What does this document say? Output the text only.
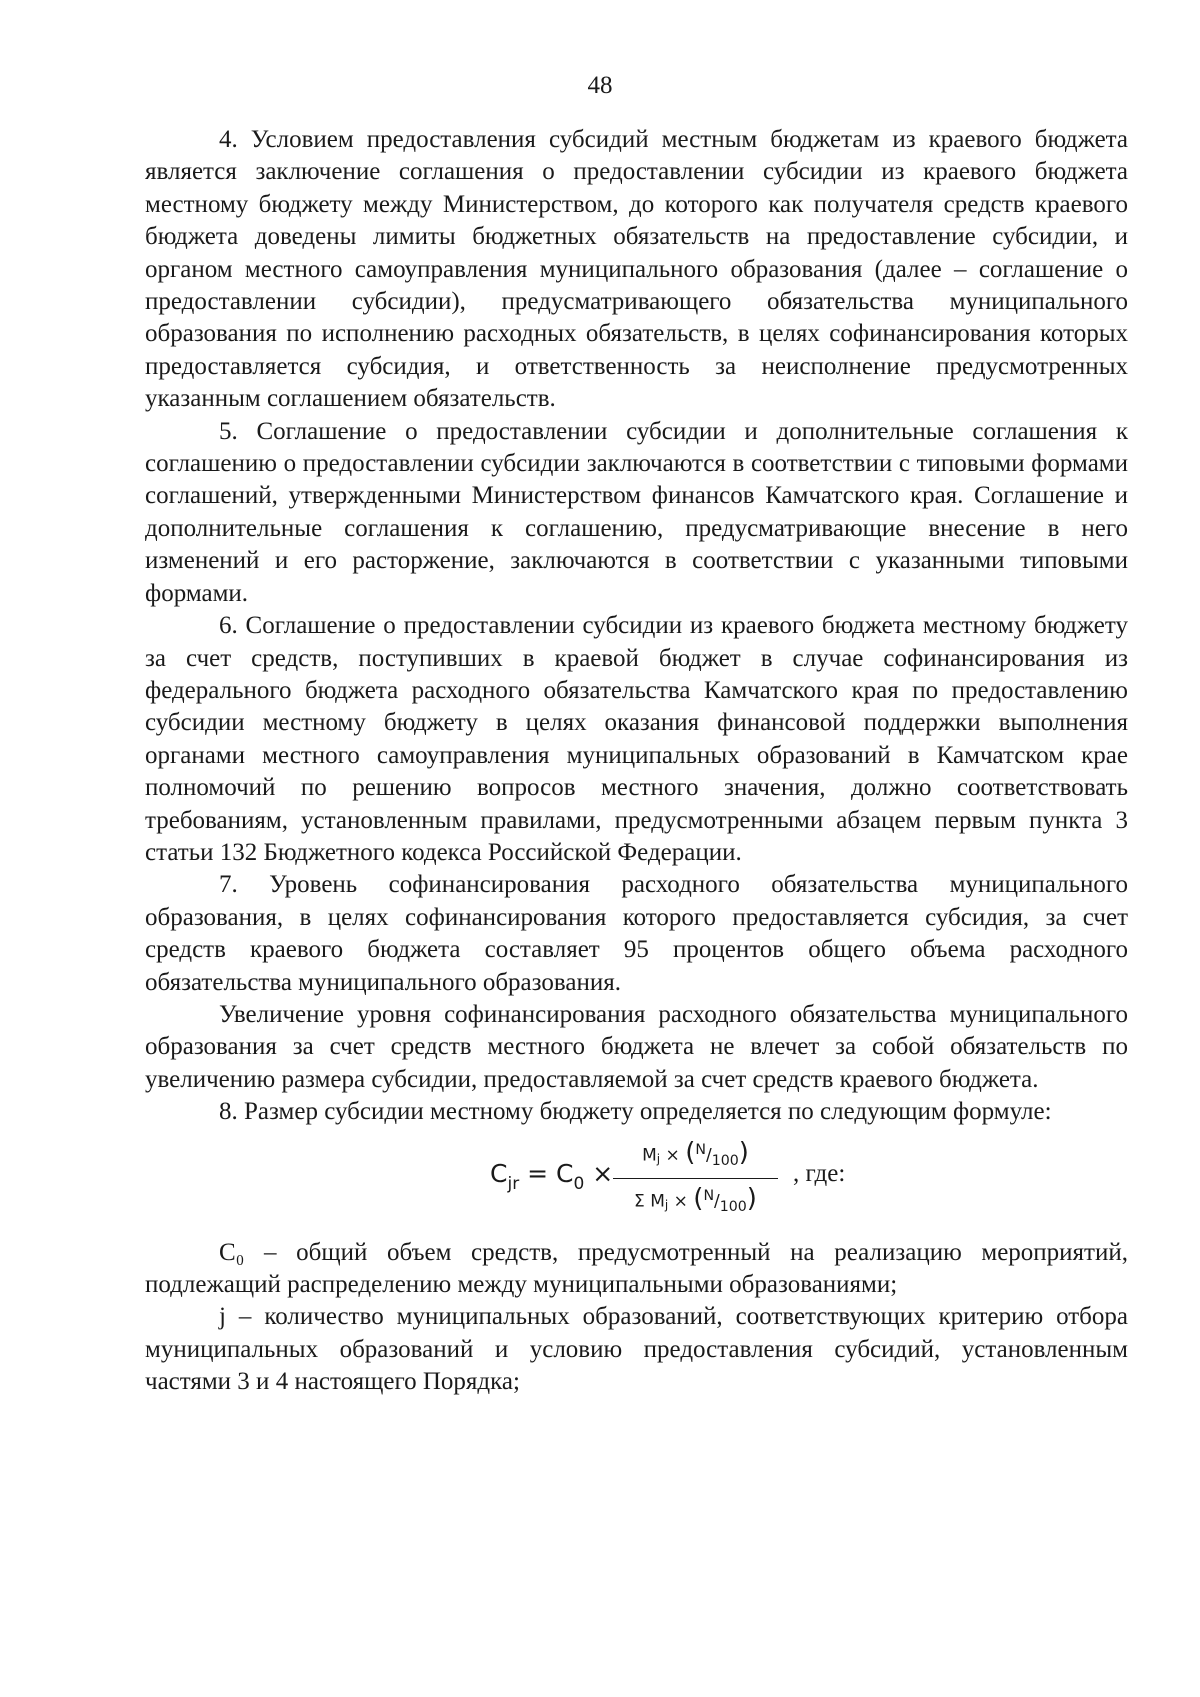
48

4. Условием предоставления субсидий местным бюджетам из краевого бюджета является заключение соглашения о предоставлении субсидии из краевого бюджета местному бюджету между Министерством, до которого как получателя средств краевого бюджета доведены лимиты бюджетных обязательств на предоставление субсидии, и органом местного самоуправления муниципального образования (далее – соглашение о предоставлении субсидии), предусматривающего обязательства муниципального образования по исполнению расходных обязательств, в целях софинансирования которых предоставляется субсидия, и ответственность за неисполнение предусмотренных указанным соглашением обязательств.

5. Соглашение о предоставлении субсидии и дополнительные соглашения к соглашению о предоставлении субсидии заключаются в соответствии с типовыми формами соглашений, утвержденными Министерством финансов Камчатского края. Соглашение и дополнительные соглашения к соглашению, предусматривающие внесение в него изменений и его расторжение, заключаются в соответствии с указанными типовыми формами.

6. Соглашение о предоставлении субсидии из краевого бюджета местному бюджету за счет средств, поступивших в краевой бюджет в случае софинансирования из федерального бюджета расходного обязательства Камчатского края по предоставлению субсидии местному бюджету в целях оказания финансовой поддержки выполнения органами местного самоуправления муниципальных образований в Камчатском крае полномочий по решению вопросов местного значения, должно соответствовать требованиям, установленным правилами, предусмотренными абзацем первым пункта 3 статьи 132 Бюджетного кодекса Российской Федерации.

7. Уровень софинансирования расходного обязательства муниципального образования, в целях софинансирования которого предоставляется субсидия, за счет средств краевого бюджета составляет 95 процентов общего объема расходного обязательства муниципального образования.

Увеличение уровня софинансирования расходного обязательства муниципального образования за счет средств местного бюджета не влечет за собой обязательств по увеличению размера субсидии, предоставляемой за счет средств краевого бюджета.

8. Размер субсидии местному бюджету определяется по следующим формуле:

$C_{jr} = C_0$ ×
$Mj \times (^N/_{100})$
Σ $Mj \times (^N/_{100})$
, где:

C₀ – общий объем средств, предусмотренный на реализацию мероприятий, подлежащий распределению между муниципальными образованиями;

j – количество муниципальных образований, соответствующих критерию отбора муниципальных образований и условию предоставления субсидий, установленным частями 3 и 4 настоящего Порядка;
